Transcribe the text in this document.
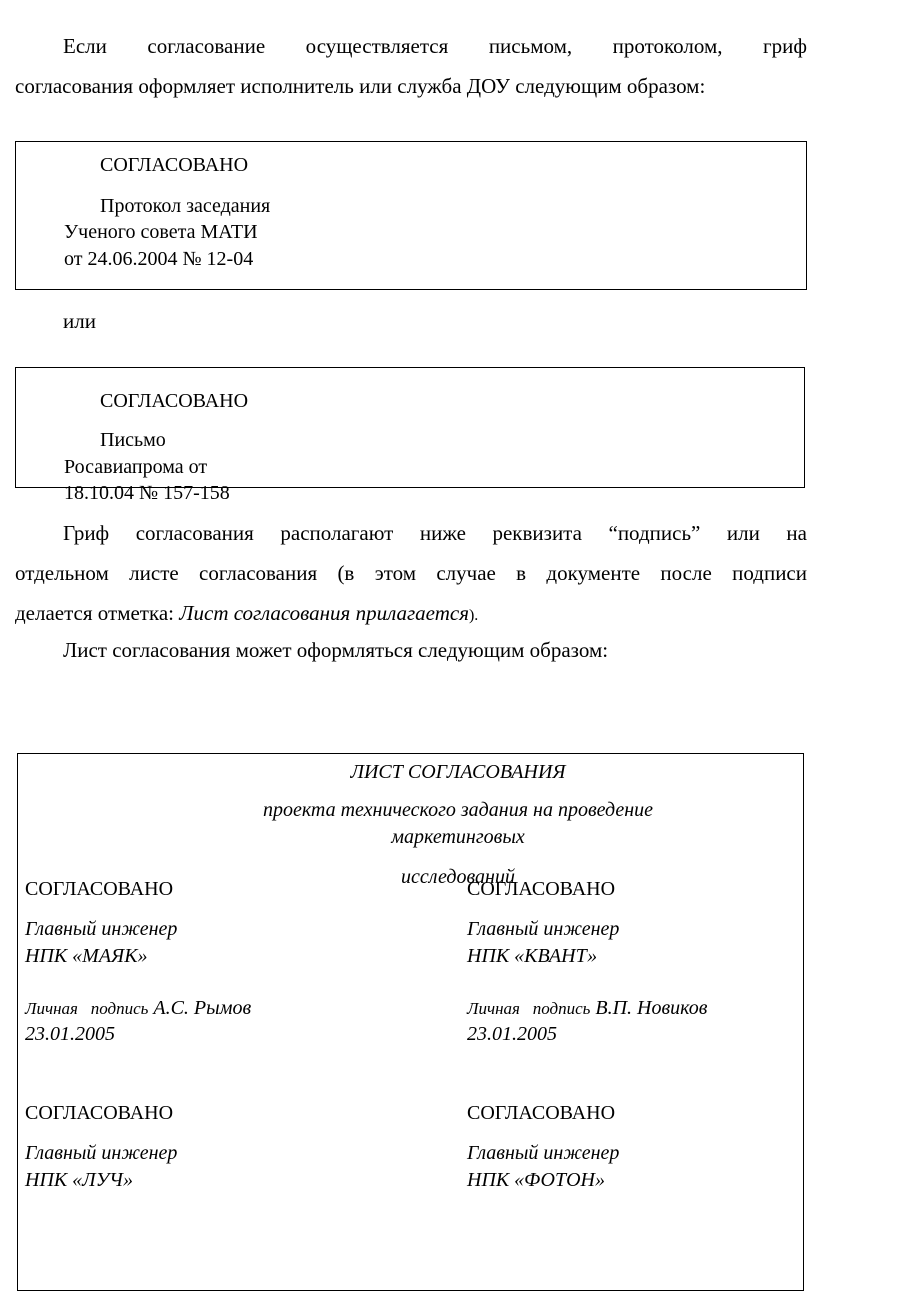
Если согласование осуществляется письмом, протоколом, гриф
согласования оформляет исполнитель или служба ДОУ следующим образом:
СОГЛАСОВАНО
Протокол заседания
Ученого совета МАТИ
от 24.06.2004 № 12-04
или
СОГЛАСОВАНО
Письмо
Росавиапрома от
18.10.04 № 157-158
Гриф согласования располагают ниже реквизита “подпись” или на
отдельном листе согласования (в этом случае в документе после подписи
делается отметка: Лист согласования прилагается).
Лист согласования может оформляться следующим образом:
ЛИСТ СОГЛАСОВАНИЯ
проекта технического задания на проведение
маркетинговых
исследований
СОГЛАСОВАНО
Главный инженер
НПК «МАЯК»
Личная   подпись А.С. Рымов
23.01.2005
СОГЛАСОВАНО
Главный инженер
НПК «КВАНТ»
Личная   подпись В.П. Новиков
23.01.2005
СОГЛАСОВАНО
Главный инженер
НПК «ЛУЧ»
СОГЛАСОВАНО
Главный инженер
НПК «ФОТОН»
